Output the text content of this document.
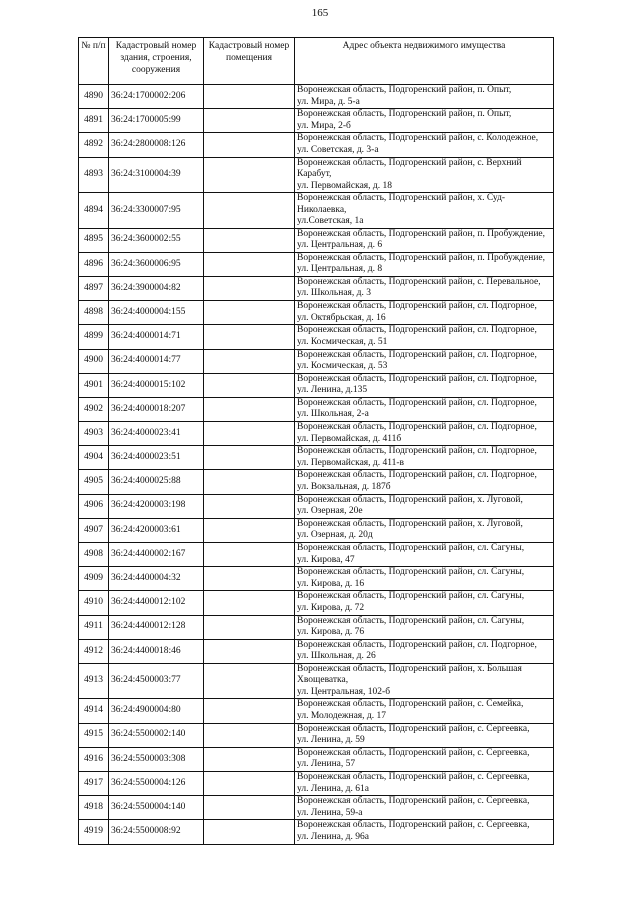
165
№ п/п	Кадастровый номер здания, строения, сооружения	Кадастровый номер помещения	Адрес объекта недвижимого имущества
4890	36:24:1700002:206		Воронежская область, Подгоренский район, п. Опыт,
ул. Мира, д. 5-а

4891	36:24:1700005:99		Воронежская область, Подгоренский район, п. Опыт,
ул. Мира, 2-б

4892	36:24:2800008:126		Воронежская область, Подгоренский район, с. Колодежное,
ул. Советская, д. 3-а

4893	36:24:3100004:39		Воронежская область, Подгоренский район, с. Верхний Карабут,
ул. Первомайская, д. 18

4894	36:24:3300007:95		Воронежская область, Подгоренский район, х. Суд-Николаевка,
ул.Советская, 1а

4895	36:24:3600002:55		Воронежская область, Подгоренский район, п. Пробуждение,
ул. Центральная, д. 6

4896	36:24:3600006:95		Воронежская область, Подгоренский район, п. Пробуждение,
ул. Центральная, д. 8

4897	36:24:3900004:82		Воронежская область, Подгоренский район, с. Перевальное,
ул. Школьная, д. 3

4898	36:24:4000004:155		Воронежская область, Подгоренский район, сл. Подгорное,
ул. Октябрьская, д. 16

4899	36:24:4000014:71		Воронежская область, Подгоренский район, сл. Подгорное,
ул. Космическая, д. 51

4900	36:24:4000014:77		Воронежская область, Подгоренский район, сл. Подгорное,
ул. Космическая, д. 53

4901	36:24:4000015:102		Воронежская область, Подгоренский район, сл. Подгорное,
ул. Ленина, д.135

4902	36:24:4000018:207		Воронежская область, Подгоренский район, сл. Подгорное,
ул. Школьная, 2-а

4903	36:24:4000023:41		Воронежская область, Подгоренский район, сл. Подгорное,
ул. Первомайская, д. 411б

4904	36:24:4000023:51		Воронежская область, Подгоренский район, сл. Подгорное,
ул. Первомайская, д. 411-в

4905	36:24:4000025:88		Воронежская область, Подгоренский район, сл. Подгорное,
ул. Вокзальная, д. 187б

4906	36:24:4200003:198		Воронежская область, Подгоренский район, х. Луговой,
ул. Озерная, 20е

4907	36:24:4200003:61		Воронежская область, Подгоренский район, х. Луговой,
ул. Озерная, д. 20д

4908	36:24:4400002:167		Воронежская область, Подгоренский район, сл. Сагуны,
ул. Кирова, 47

4909	36:24:4400004:32		Воронежская область, Подгоренский район, сл. Сагуны,
ул. Кирова, д. 16

4910	36:24:4400012:102		Воронежская область, Подгоренский район, сл. Сагуны,
ул. Кирова, д. 72

4911	36:24:4400012:128		Воронежская область, Подгоренский район, сл. Сагуны,
ул. Кирова, д. 76

4912	36:24:4400018:46		Воронежская область, Подгоренский район, сл. Подгорное,
ул. Школьная, д. 26

4913	36:24:4500003:77		Воронежская область, Подгоренский район, х. Большая Хвощеватка,
ул. Центральная, 102-б

4914	36:24:4900004:80		Воронежская область, Подгоренский район, с. Семейка,
ул. Молодежная, д. 17

4915	36:24:5500002:140		Воронежская область, Подгоренский район, с. Сергеевка,
ул. Ленина, д. 59

4916	36:24:5500003:308		Воронежская область, Подгоренский район, с. Сергеевка,
ул. Ленина, 57

4917	36:24:5500004:126		Воронежская область, Подгоренский район, с. Сергеевка,
ул. Ленина, д. 61а

4918	36:24:5500004:140		Воронежская область, Подгоренский район, с. Сергеевка,
ул. Ленина, 59-а

4919	36:24:5500008:92		Воронежская область, Подгоренский район, с. Сергеевка,
ул. Ленина, д. 96а
